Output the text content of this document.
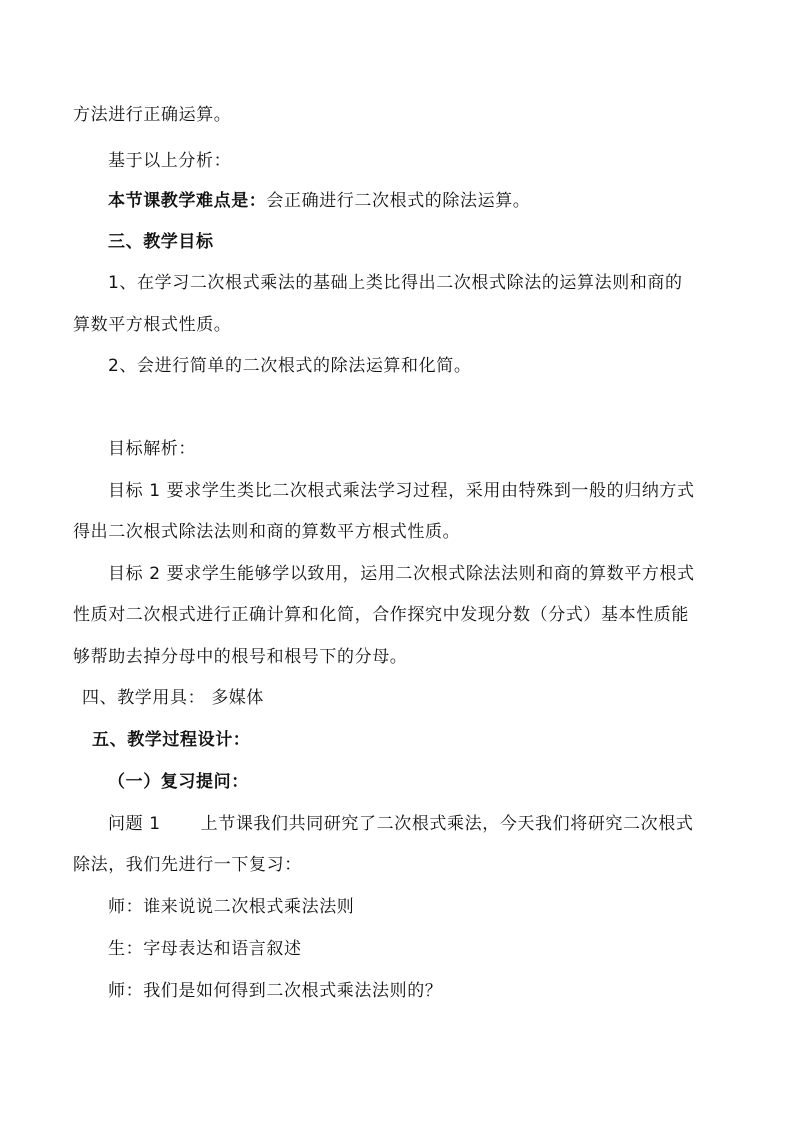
方法进行正确运算。
基于以上分析：
本节课教学难点是：会正确进行二次根式的除法运算。
三、教学目标
1、在学习二次根式乘法的基础上类比得出二次根式除法的运算法则和商的
算数平方根式性质。
2、会进行简单的二次根式的除法运算和化简。
目标解析：
目标 1 要求学生类比二次根式乘法学习过程，采用由特殊到一般的归纳方式
得出二次根式除法法则和商的算数平方根式性质。
目标 2 要求学生能够学以致用，运用二次根式除法法则和商的算数平方根式
性质对二次根式进行正确计算和化简，合作探究中发现分数（分式）基本性质能
够帮助去掉分母中的根号和根号下的分母。
四、教学用具： 多媒体
五、教学过程设计：
（一）复习提问：
问题 1 上节课我们共同研究了二次根式乘法，今天我们将研究二次根式
除法，我们先进行一下复习：
师：谁来说说二次根式乘法法则
生：字母表达和语言叙述
师：我们是如何得到二次根式乘法法则的？
